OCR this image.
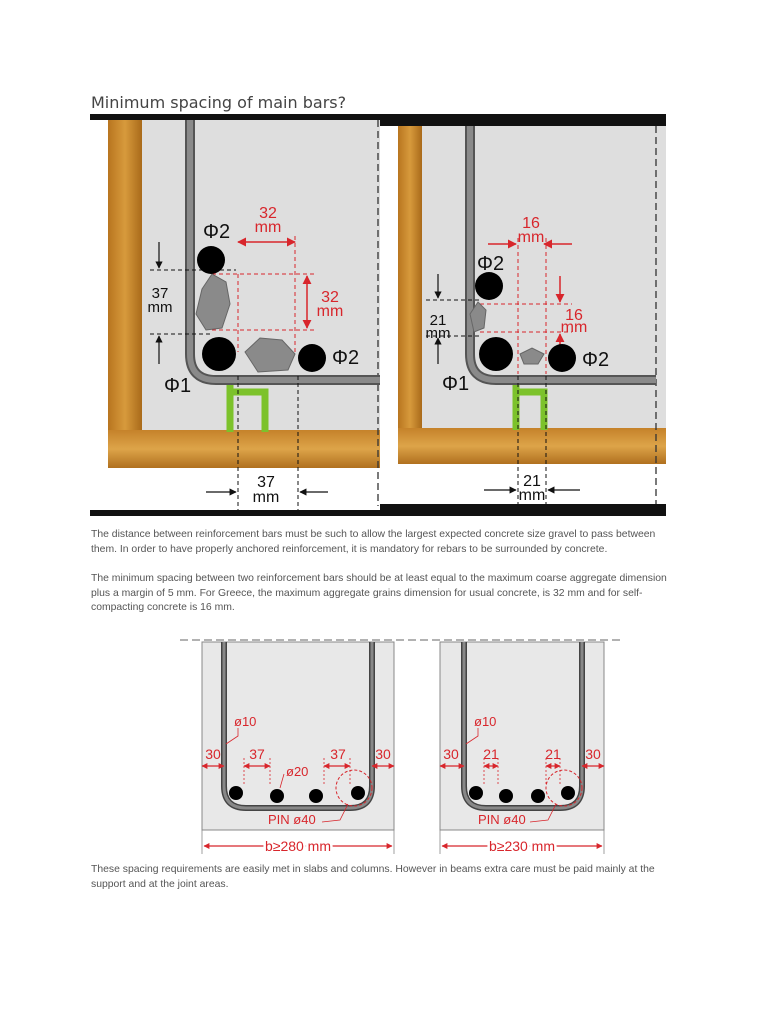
Minimum spacing of main bars?
Φ2
32
mm
37
mm
32
mm
Φ2
Φ1
37
mm
Φ2
16
mm
21
mm
16
mm
Φ2
Φ1
21
mm

The distance between reinforcement bars must be such to allow the largest expected concrete size gravel to pass between them. In order to have properly anchored reinforcement, it is mandatory for rebars to be surrounded by concrete.

The minimum spacing between two reinforcement bars should be at least equal to the maximum coarse aggregate dimension plus a margin of 5 mm. For Greece, the maximum aggregate grains dimension for usual concrete, is 32 mm and for self-compacting concrete is 16 mm.

ø10
30 37
ø20
37 30
PIN ø40
b≥280 mm
ø10
30 21	21 30
PIN ø40
b≥230 mm

These spacing requirements are easily met in slabs and columns. However in beams extra care must be paid mainly at the support and at the joint areas.
